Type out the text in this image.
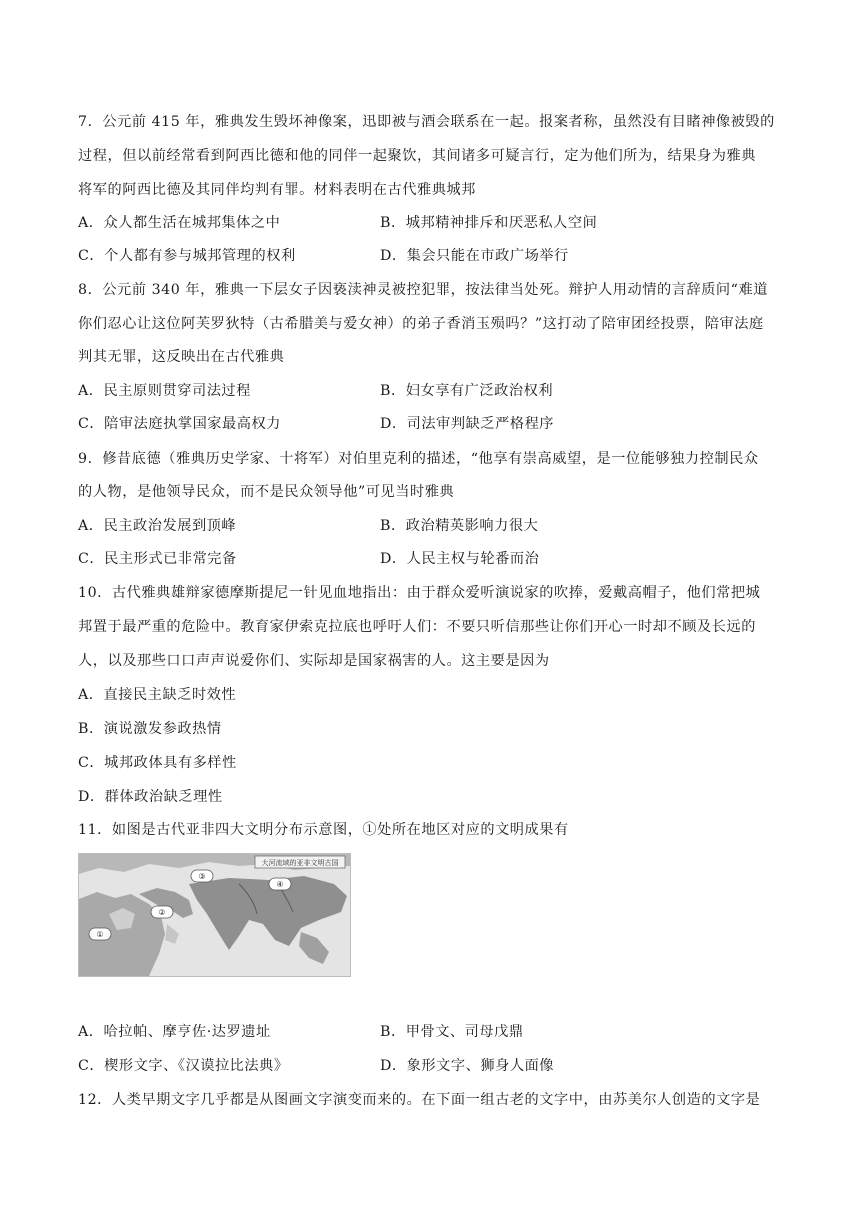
7．公元前 415 年，雅典发生毁坏神像案，迅即被与酒会联系在一起。报案者称，虽然没有目睹神像被毁的
过程，但以前经常看到阿西比德和他的同伴一起聚饮，其间诸多可疑言行，定为他们所为，结果身为雅典
将军的阿西比德及其同伴均判有罪。材料表明在古代雅典城邦
A．众人都生活在城邦集体之中	B．城邦精神排斥和厌恶私人空间
C．个人都有参与城邦管理的权利	D．集会只能在市政广场举行
8．公元前 340 年，雅典一下层女子因亵渎神灵被控犯罪，按法律当处死。辩护人用动情的言辞质问“难道
你们忍心让这位阿芙罗狄特（古希腊美与爱女神）的弟子香消玉殒吗？”这打动了陪审团经投票，陪审法庭
判其无罪，这反映出在古代雅典
A．民主原则贯穿司法过程	B．妇女享有广泛政治权利
C．陪审法庭执掌国家最高权力	D．司法审判缺乏严格程序
9．修昔底德（雅典历史学家、十将军）对伯里克利的描述，“他享有崇高威望，是一位能够独力控制民众
的人物，是他领导民众，而不是民众领导他”可见当时雅典
A．民主政治发展到顶峰	B．政治精英影响力很大
C．民主形式已非常完备	D．人民主权与轮番而治
10．古代雅典雄辩家德摩斯提尼一针见血地指出：由于群众爱听演说家的吹捧，爱戴高帽子，他们常把城
邦置于最严重的危险中。教育家伊索克拉底也呼吁人们：不要只听信那些让你们开心一时却不顾及长远的
人，以及那些口口声声说爱你们、实际却是国家祸害的人。这主要是因为
A．直接民主缺乏时效性
B．演说激发参政热情
C．城邦政体具有多样性
D．群体政治缺乏理性
11．如图是古代亚非四大文明分布示意图，①处所在地区对应的文明成果有
大河流域的亚非文明古国
①
②
③
④
A．哈拉帕、摩亨佐·达罗遗址	B．甲骨文、司母戊鼎
C．楔形文字、《汉谟拉比法典》	D．象形文字、狮身人面像
12．人类早期文字几乎都是从图画文字演变而来的。在下面一组古老的文字中，由苏美尔人创造的文字是
